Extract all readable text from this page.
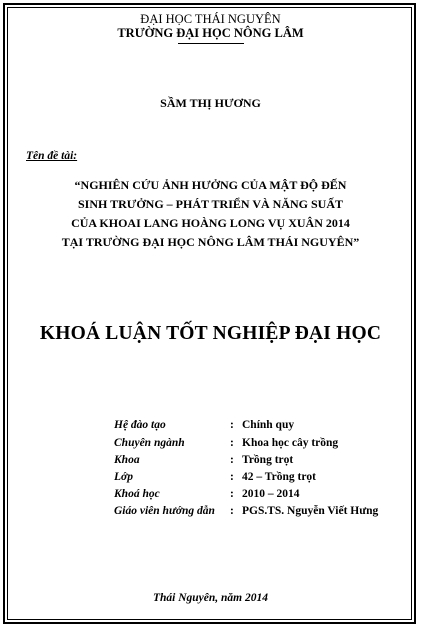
ĐẠI HỌC THÁI NGUYÊN
TRƯỜNG ĐẠI HỌC NÔNG LÂM
SẦM THỊ HƯƠNG
Tên đề tài:
“NGHIÊN CỨU ẢNH HƯỞNG CỦA MẬT ĐỘ ĐẾN
SINH TRƯỞNG – PHÁT TRIỂN VÀ NĂNG SUẤT
CỦA KHOAI LANG HOÀNG LONG VỤ XUÂN 2014
TẠI TRƯỜNG ĐẠI HỌC NÔNG LÂM THÁI NGUYÊN”
KHOÁ LUẬN TỐT NGHIỆP ĐẠI HỌC
Hệ đào tạo	: Chính quy
Chuyên ngành	: Khoa học cây trồng
Khoa	: Trồng trọt
Lớp	: 42 – Trồng trọt
Khoá học	: 2010 – 2014
Giáo viên hướng dẫn : PGS.TS. Nguyễn Viết Hưng
Thái Nguyên, năm 2014
